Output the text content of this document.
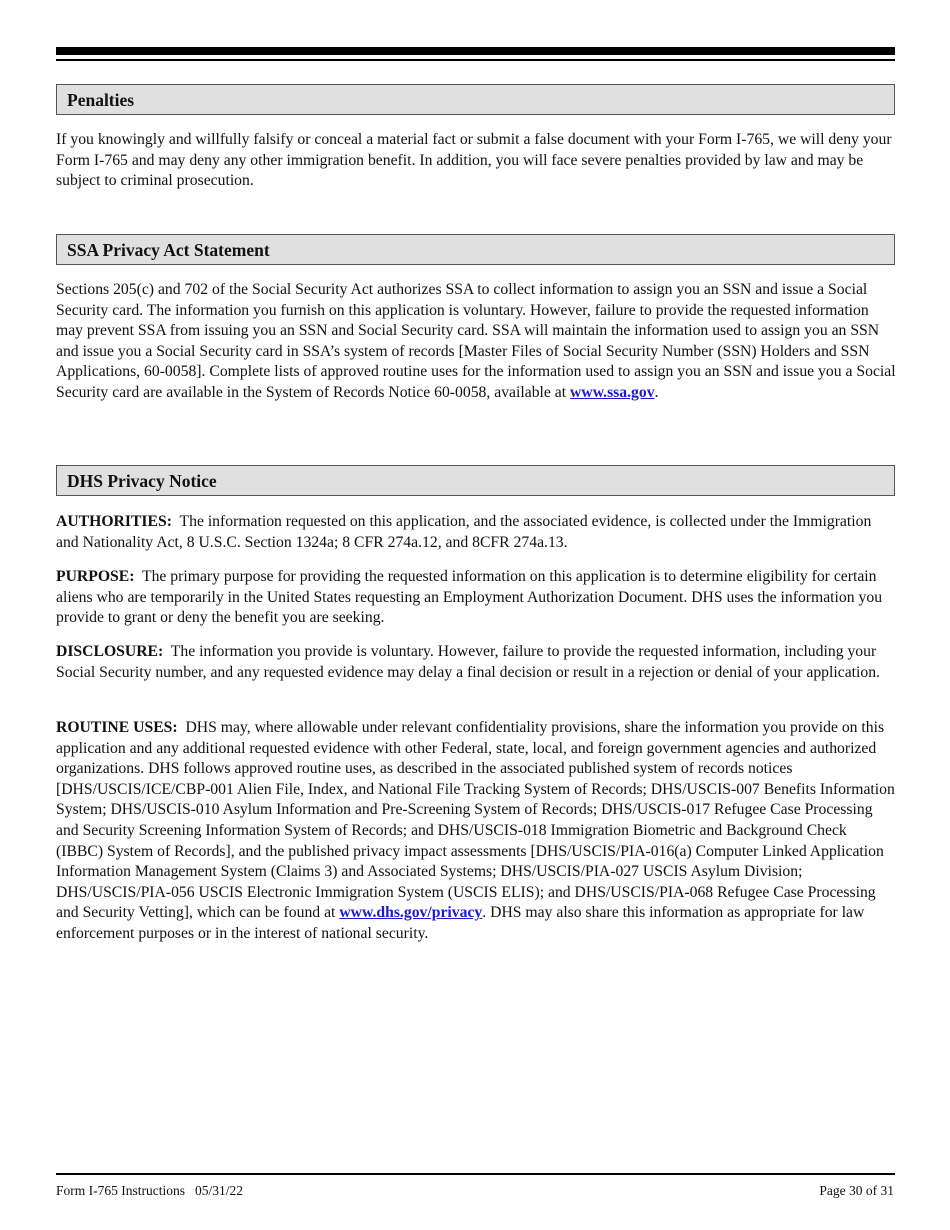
Penalties

If you knowingly and willfully falsify or conceal a material fact or submit a false document with your Form I-765, we will deny your Form I-765 and may deny any other immigration benefit. In addition, you will face severe penalties provided by law and may be subject to criminal prosecution.

SSA Privacy Act Statement

Sections 205(c) and 702 of the Social Security Act authorizes SSA to collect information to assign you an SSN and issue a Social Security card. The information you furnish on this application is voluntary. However, failure to provide the requested information may prevent SSA from issuing you an SSN and Social Security card. SSA will maintain the information used to assign you an SSN and issue you a Social Security card in SSA’s system of records [Master Files of Social Security Number (SSN) Holders and SSN Applications, 60-0058]. Complete lists of approved routine uses for the information used to assign you an SSN and issue you a Social Security card are available in the System of Records Notice 60-0058, available at www.ssa.gov.

DHS Privacy Notice

AUTHORITIES: The information requested on this application, and the associated evidence, is collected under the Immigration and Nationality Act, 8 U.S.C. Section 1324a; 8 CFR 274a.12, and 8CFR 274a.13.

PURPOSE: The primary purpose for providing the requested information on this application is to determine eligibility for certain aliens who are temporarily in the United States requesting an Employment Authorization Document. DHS uses the information you provide to grant or deny the benefit you are seeking.

DISCLOSURE: The information you provide is voluntary. However, failure to provide the requested information, including your Social Security number, and any requested evidence may delay a final decision or result in a rejection or denial of your application.

ROUTINE USES: DHS may, where allowable under relevant confidentiality provisions, share the information you provide on this application and any additional requested evidence with other Federal, state, local, and foreign government agencies and authorized organizations. DHS follows approved routine uses, as described in the associated published system of records notices [DHS/USCIS/ICE/CBP-001 Alien File, Index, and National File Tracking System of Records; DHS/USCIS-007 Benefits Information System; DHS/USCIS-010 Asylum Information and Pre-Screening System of Records; DHS/USCIS-017 Refugee Case Processing and Security Screening Information System of Records; and DHS/USCIS-018 Immigration Biometric and Background Check (IBBC) System of Records], and the published privacy impact assessments [DHS/USCIS/PIA-016(a) Computer Linked Application Information Management System (Claims 3) and Associated Systems; DHS/USCIS/PIA-027 USCIS Asylum Division; DHS/USCIS/PIA-056 USCIS Electronic Immigration System (USCIS ELIS); and DHS/USCIS/PIA-068 Refugee Case Processing and Security Vetting], which can be found at www.dhs.gov/privacy. DHS may also share this information as appropriate for law enforcement purposes or in the interest of national security.

Form I-765 Instructions 05/31/22	Page 30 of 31
